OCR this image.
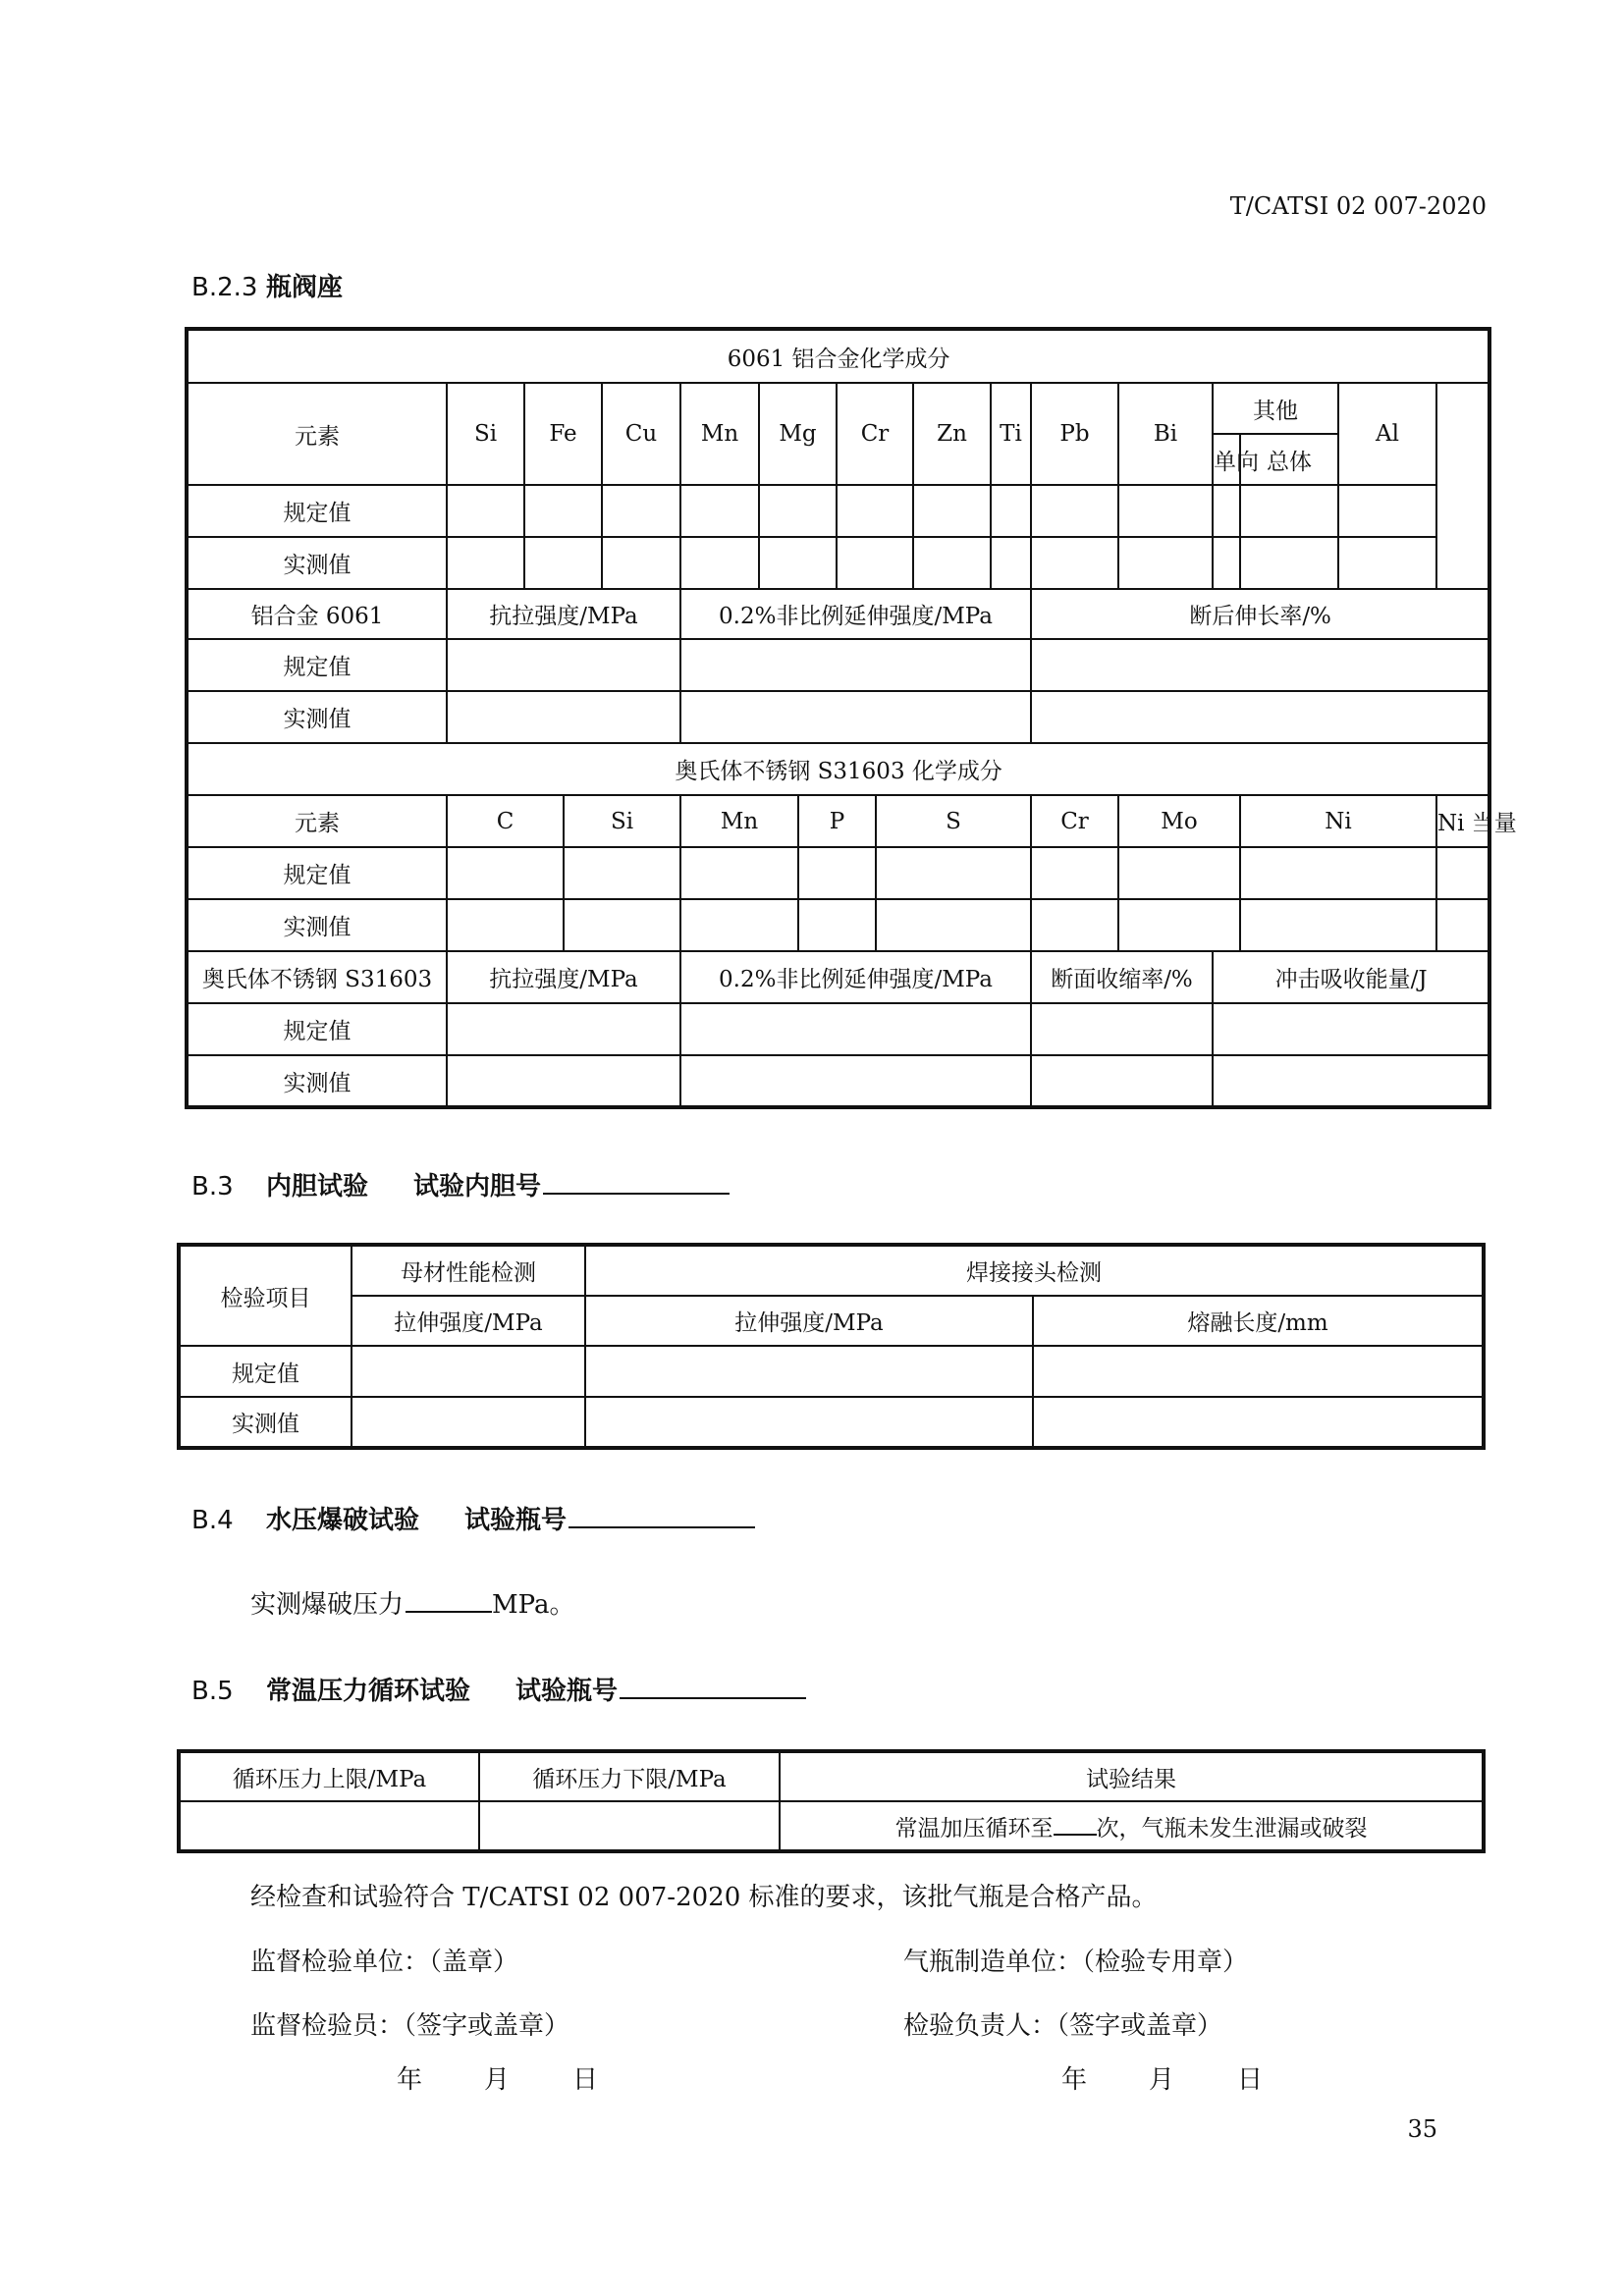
T/CATSI 02 007-2020
B.2.3 瓶阀座
6061 铝合金化学成分																	
元素	Si	Fe		Cu	Mn	Mg		Cr		Zn	Ti	Pb	Bi	其他		Al	
														单向	总体		
规定值																	
实测值																	
铝合金 6061	抗拉强度/MPa				0.2%非比例延伸强度/MPa							断后伸长率/%					
规定值																	
实测值																	
奥氏体不锈钢 S31603 化学成分																	
元素	C		Si		Mn		P		S			Cr	Mo		Ni		Ni 当量
规定值																	
实测值																	
奥氏体不锈钢 S31603	抗拉强度/MPa				0.2%非比例延伸强度/MPa							断面收缩率/%		冲击吸收能量/J			
规定值																	
实测值																	
B.3 内胆试验 试验内胆号
检验项目	母材性能检测	焊接接头检测	
	拉伸强度/MPa	拉伸强度/MPa	熔融长度/mm
规定值			
实测值			
B.4 水压爆破试验 试验瓶号
实测爆破压力	MPa。
B.5 常温压力循环试验 试验瓶号
循环压力上限/MPa	循环压力下限/MPa	试验结果
		常温加压循环至 次，气瓶未发生泄漏或破裂
经检查和试验符合 T/CATSI 02 007-2020 标准的要求，该批气瓶是合格产品。
监督检验单位：（盖章）	气瓶制造单位：（检验专用章）
监督检验员：（签字或盖章）	检验负责人：（签字或盖章）
年 月 日	年 月 日
35
